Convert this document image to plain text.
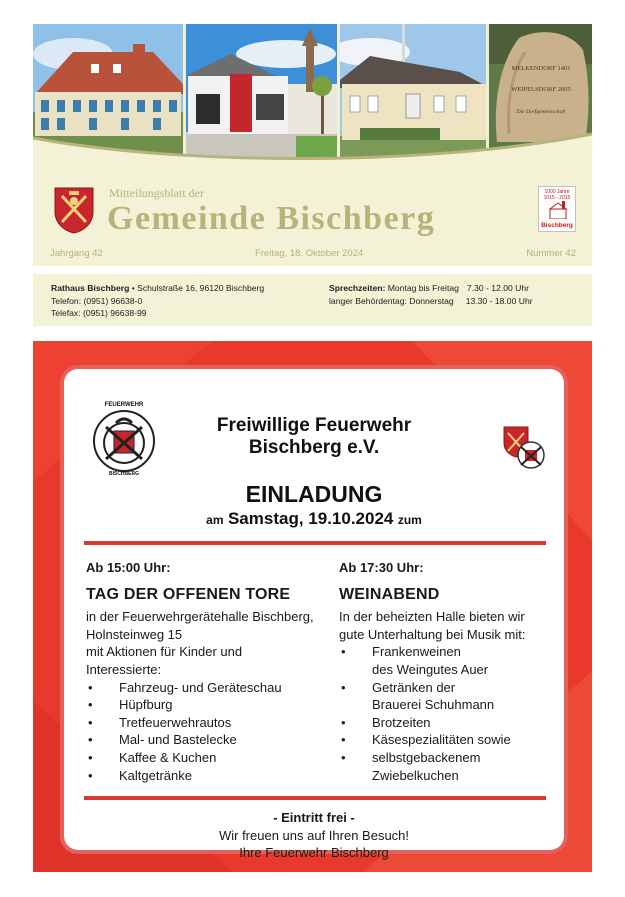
MELKENDORF 1401
WEIPELSDORF 2005
Die Dorfgemeinschaft
Mitteilungsblatt der
Gemeinde Bischberg
1000 Jahre 1015 - 2015
Bischberg
Jahrgang 42	Freitag, 18. Oktober 2024	Nummer 42
Rathaus Bischberg • Schulstraße 16, 96120 Bischberg
Telefon: (0951) 96638-0
Telefax: (0951) 96638-99
Sprechzeiten: Montag bis Freitag 7.30 - 12.00 Uhr
langer Behördentag: Donnerstag 13.30 - 18.00 Uhr
FEUERWEHR
BISCHBERG
Freiwillige Feuerwehr
Bischberg e.V.
EINLADUNG
am Samstag, 19.10.2024 zum
Ab 15:00 Uhr:
TAG DER OFFENEN TORE
in der Feuerwehrgerätehalle Bischberg,
Holnsteinweg 15
mit Aktionen für Kinder und
Interessierte:
• Fahrzeug- und Geräteschau
• Hüpfburg
• Tretfeuerwehrautos
• Mal- und Bastelecke
• Kaffee & Kuchen
• Kaltgetränke
Ab 17:30 Uhr:
WEINABEND
In der beheizten Halle bieten wir
gute Unterhaltung bei Musik mit:
• Frankenweinen
des Weingutes Auer
• Getränken der
Brauerei Schuhmann
• Brotzeiten
• Käsespezialitäten sowie
• selbstgebackenem
Zwiebelkuchen
- Eintritt frei -
Wir freuen uns auf Ihren Besuch!
Ihre Feuerwehr Bischberg
